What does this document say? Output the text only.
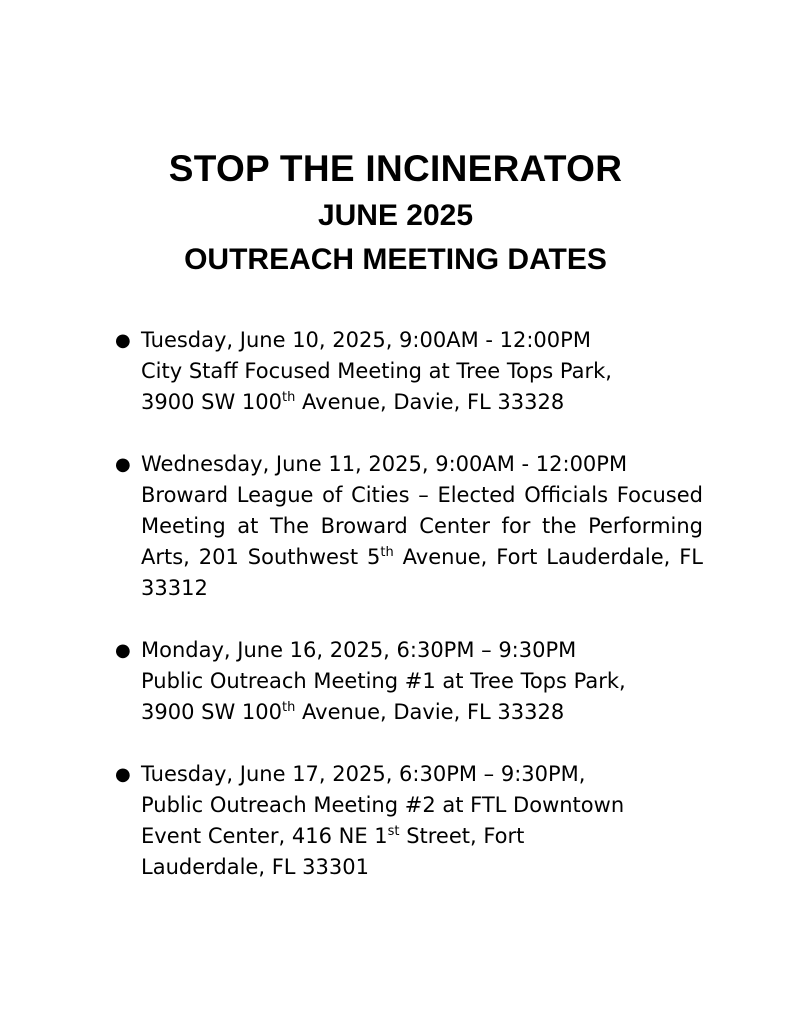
STOP THE INCINERATOR
JUNE 2025
OUTREACH MEETING DATES
● Tuesday, June 10, 2025, 9:00AM - 12:00PM
City Staff Focused Meeting at Tree Tops Park,
3900 SW 100th Avenue, Davie, FL 33328
● Wednesday, June 11, 2025, 9:00AM - 12:00PM
Broward League of Cities – Elected Officials Focused Meeting at The Broward Center for the Performing Arts, 201 Southwest 5th Avenue, Fort Lauderdale, FL 33312
● Monday, June 16, 2025, 6:30PM – 9:30PM
Public Outreach Meeting #1 at Tree Tops Park,
3900 SW 100th Avenue, Davie, FL 33328
● Tuesday, June 17, 2025, 6:30PM – 9:30PM,
Public Outreach Meeting #2 at FTL Downtown
Event Center, 416 NE 1st Street, Fort
Lauderdale, FL 33301
